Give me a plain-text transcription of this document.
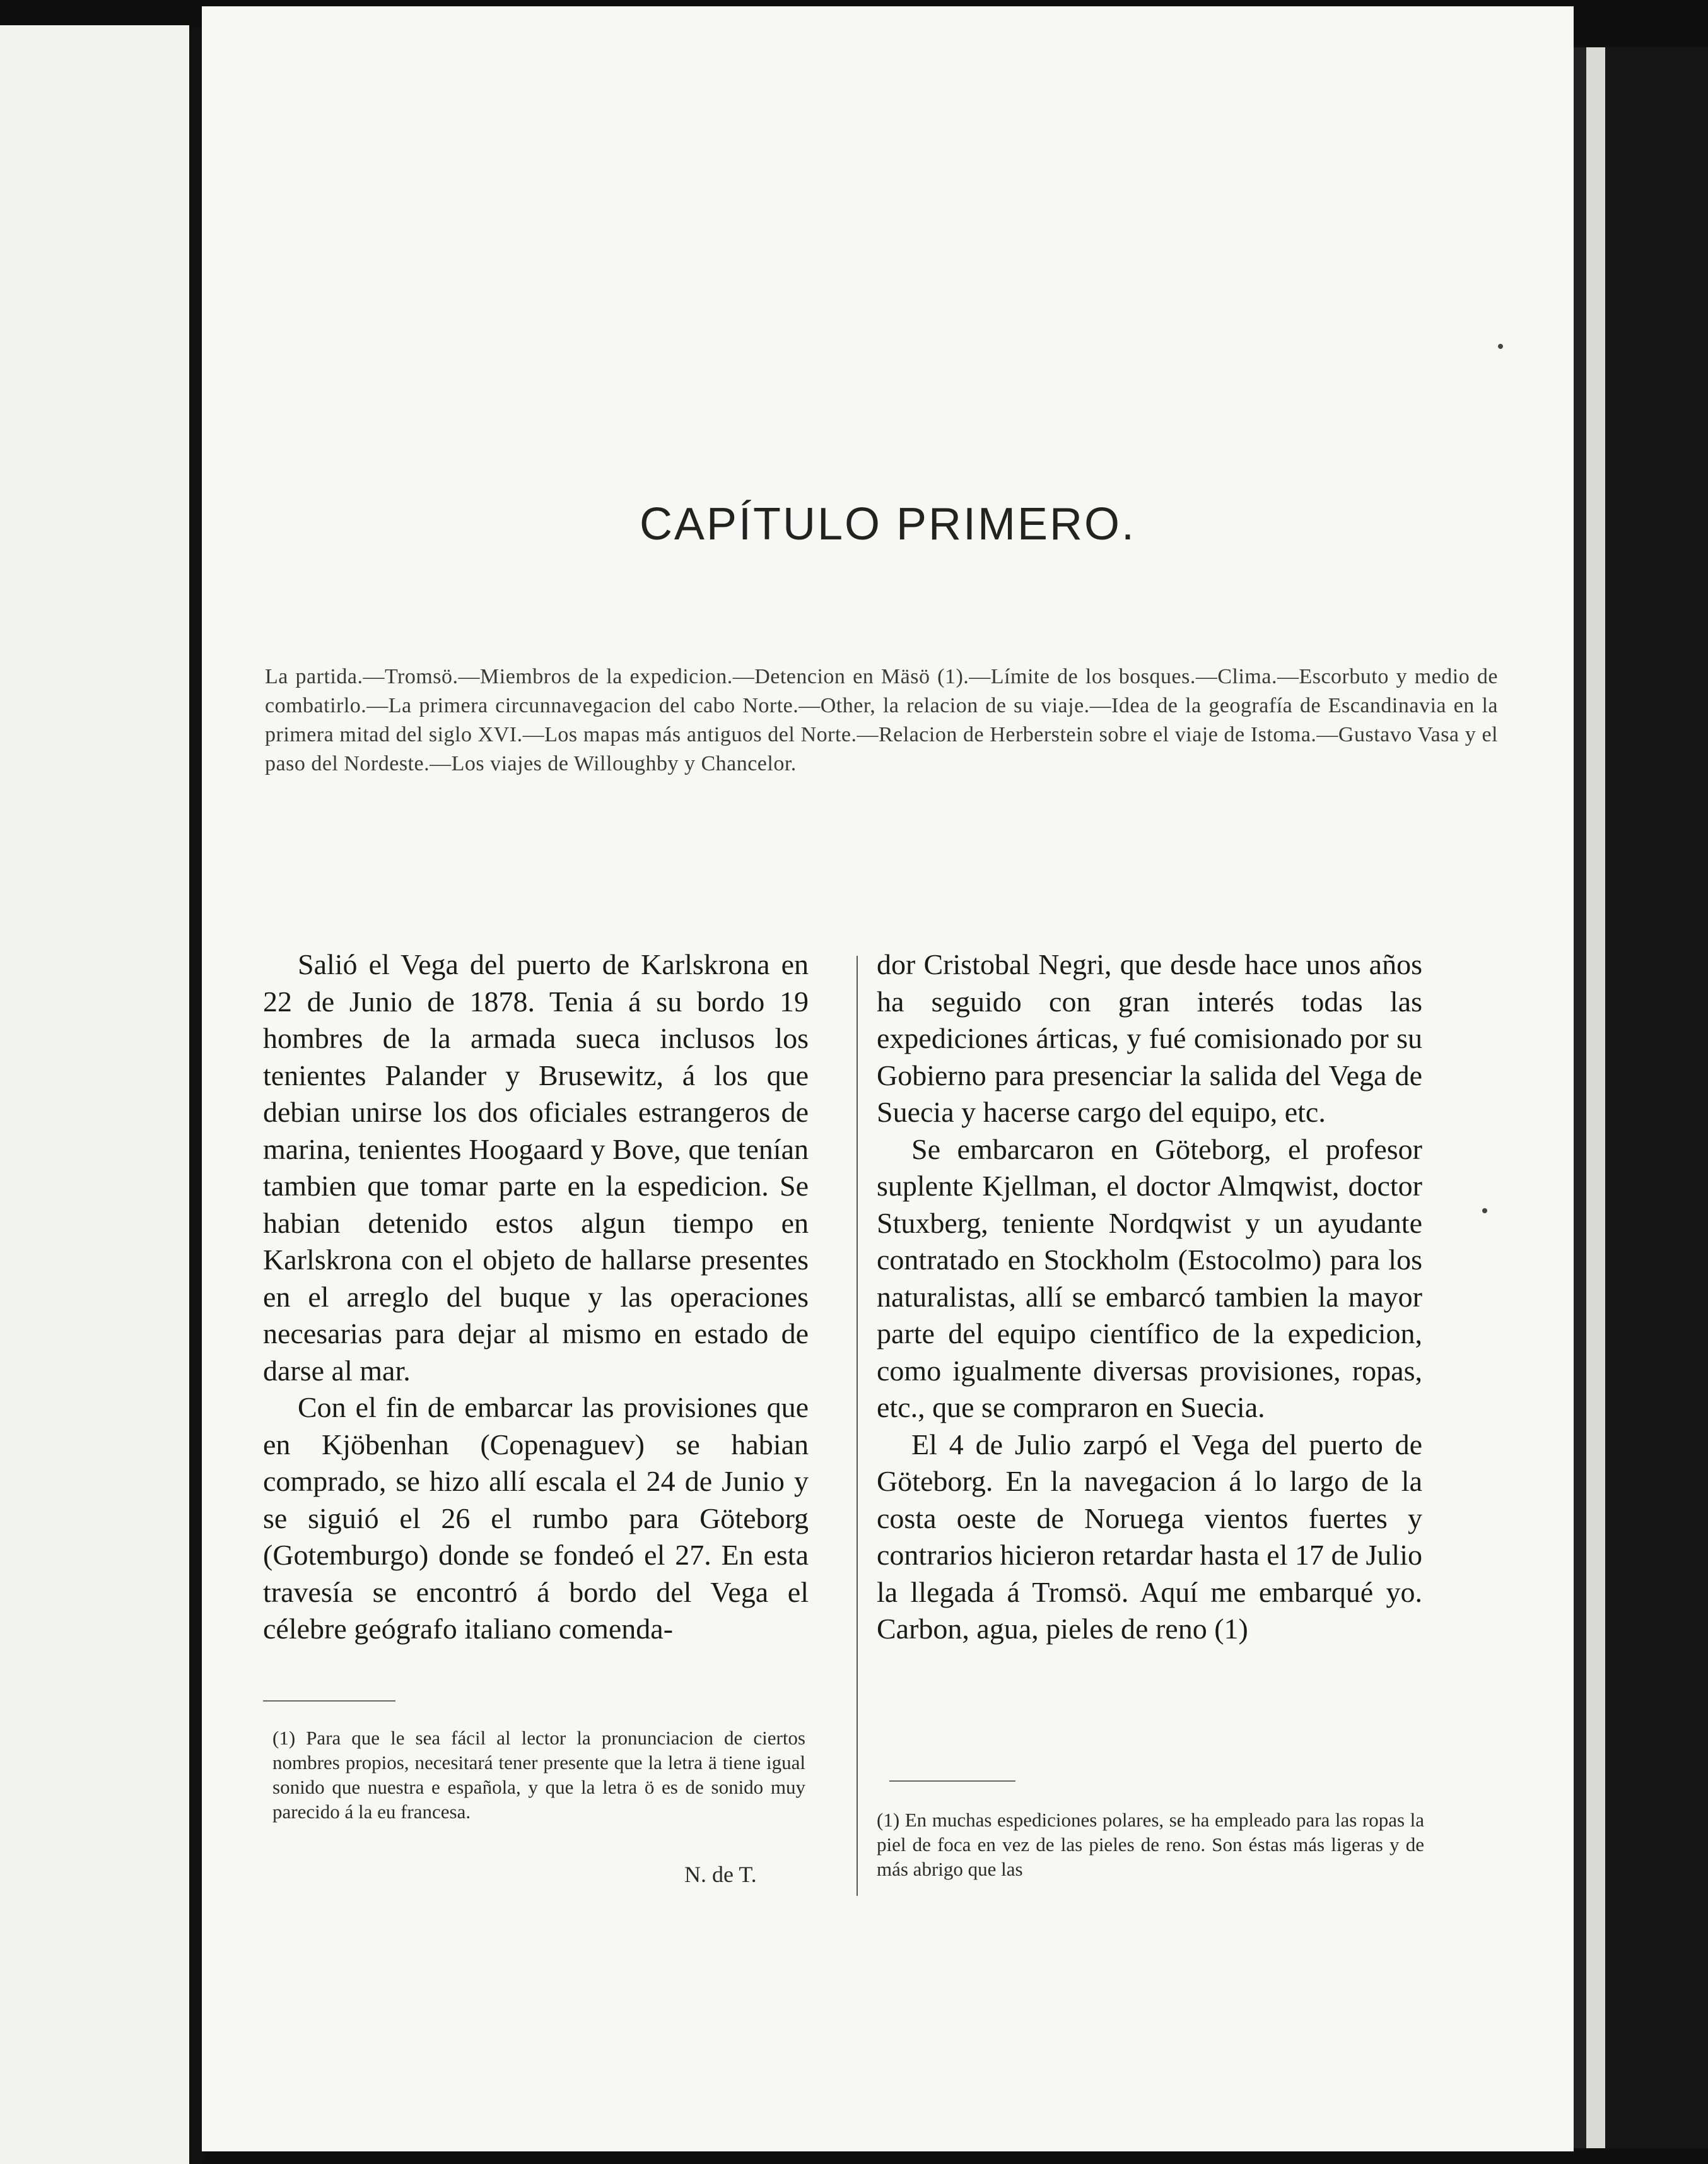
CAPÍTULO PRIMERO.
La partida.—Tromsö.—Miembros de la expedicion.—Detencion en Mäsö (1).—Límite de los bosques.—Clima.—Escorbuto y medio de combatirlo.—La primera circunnavegacion del cabo Norte.—Other, la relacion de su viaje.—Idea de la geografía de Escandinavia en la primera mitad del siglo XVI.—Los mapas más antiguos del Norte.—Relacion de Herberstein sobre el viaje de Istoma.—Gustavo Vasa y el paso del Nordeste.—Los viajes de Willoughby y Chancelor.

Salió el Vega del puerto de Karlskrona en 22 de Junio de 1878. Tenia á su bordo 19 hombres de la armada sueca inclusos los tenientes Palander y Brusewitz, á los que debian unirse los dos oficiales estrangeros de marina, tenientes Hoogaard y Bove, que tenían tambien que tomar parte en la espedicion. Se habian detenido estos algun tiempo en Karlskrona con el objeto de hallarse presentes en el arreglo del buque y las operaciones necesarias para dejar al mismo en estado de darse al mar.

Con el fin de embarcar las provisiones que en Kjöbenhan (Copenaguev) se habian comprado, se hizo allí escala el 24 de Junio y se siguió el 26 el rumbo para Göteborg (Gotemburgo) donde se fondeó el 27. En esta travesía se encontró á bordo del Vega el célebre geógrafo italiano comenda-

dor Cristobal Negri, que desde hace unos años ha seguido con gran interés todas las expediciones árticas, y fué comisionado por su Gobierno para presenciar la salida del Vega de Suecia y hacerse cargo del equipo, etc.

Se embarcaron en Göteborg, el profesor suplente Kjellman, el doctor Almqwist, doctor Stuxberg, teniente Nordqwist y un ayudante contratado en Stockholm (Estocolmo) para los naturalistas, allí se embarcó tambien la mayor parte del equipo científico de la expedicion, como igualmente diversas provisiones, ropas, etc., que se compraron en Suecia.

El 4 de Julio zarpó el Vega del puerto de Göteborg. En la navegacion á lo largo de la costa oeste de Noruega vientos fuertes y contrarios hicieron retardar hasta el 17 de Julio la llegada á Tromsö. Aquí me embarqué yo. Carbon, agua, pieles de reno (1)

(1) Para que le sea fácil al lector la pronunciacion de ciertos nombres propios, necesitará tener presente que la letra ä tiene igual sonido que nuestra e española, y que la letra ö es de sonido muy parecido á la eu francesa.
N. de T.
(1) En muchas espediciones polares, se ha empleado para las ropas la piel de foca en vez de las pieles de reno. Son éstas más ligeras y de más abrigo que las
